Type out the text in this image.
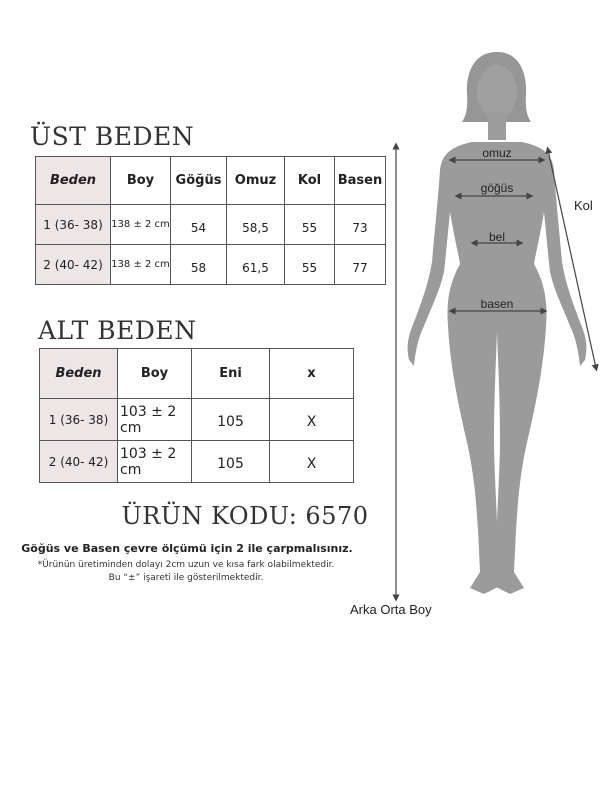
ÜST BEDEN
Beden	Boy	Göğüs	Omuz	Kol	Basen
1 (36- 38)	138 ± 2 cm	54	58,5	55	73
2 (40- 42)	138 ± 2 cm	58	61,5	55	77
ALT BEDEN
Beden	Boy	Eni	x
1 (36- 38)	103 ± 2 cm	105	X
2 (40- 42)	103 ± 2 cm	105	X
ÜRÜN KODU: 6570
Göğüs ve Basen çevre ölçümü için 2 ile çarpmalısınız.
*Ürünün üretiminden dolayı 2cm uzun ve kısa fark olabilmektedir.
Bu “±” işareti ile gösterilmektedir.
omuz
göğüs
bel
basen
Kol
Arka Orta Boy
